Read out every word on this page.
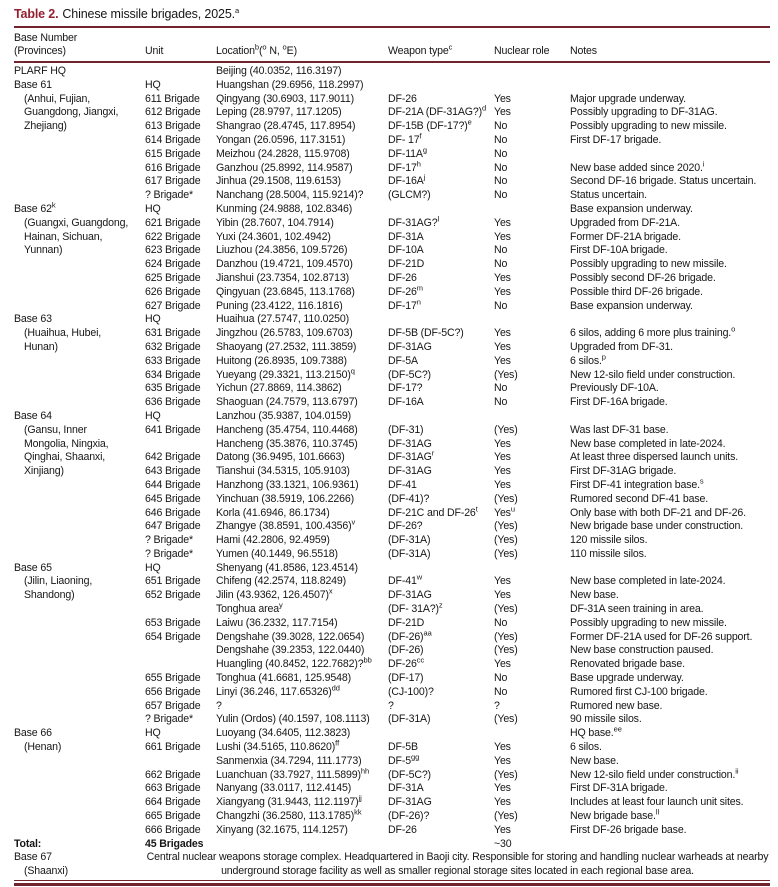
Table 2. Chinese missile brigades, 2025.$^a$
Base Number
(Provinces)	Unit	Location$^b$($^o$ N, $^o$E)	Weapon type$^c$	Nuclear role	Notes
PLARF HQ		Beijing (40.0352, 116.3197)			
Base 61	HQ	Huangshan (29.6956, 118.2997)			
(Anhui, Fujian,	611 Brigade	Qingyang (30.6903, 117.9011)	DF-26	Yes	Major upgrade underway.
Guangdong, Jiangxi,	612 Brigade	Leping (28.9797, 117.1205)	DF-21A (DF-31AG?)$^d$	Yes	Possibly upgrading to DF-31AG.
Zhejiang)	613 Brigade	Shangrao (28.4745, 117.8954)	DF-15B (DF-17?)$^e$	No	Possibly upgrading to new missile.
	614 Brigade	Yongan (26.0596, 117.3151)	DF- 17$^f$	No	First DF-17 brigade.
	615 Brigade	Meizhou (24.2828, 115.9708)	$DF-11A^g$	No	
	616 Brigade	Ganzhou (25.8992, 114.9587)	DF-17$^h$	No	New base added since 2020.$^i$
	617 Brigade	Jinhua (29.1508, 119.6153)	$DF-16A^j$	No	Second DF-16 brigade. Status uncertain.
	? Brigade*	Nanchang (28.5004, 115.9214)?	(GLCM?)	No	Status uncertain.
Base 62$^k$	HQ	Kunming (24.9888, 102.8346)			Base expansion underway.
(Guangxi, Guangdong,	621 Brigade	Yibin (28.7607, 104.7914)	DF-31AG?$^l$	Yes	Upgraded from DF-21A.
Hainan, Sichuan,	622 Brigade	Yuxi (24.3601, 102.4942)	DF-31A	Yes	Former DF-21A brigade.
Yunnan)	623 Brigade	Liuzhou (24.3856, 109.5726)	DF-10A	No	First DF-10A brigade.
	624 Brigade	Danzhou (19.4721, 109.4570)	DF-21D	No	Possibly upgrading to new missile.
	625 Brigade	Jianshui (23.7354, 102.8713)	DF-26	Yes	Possibly second DF-26 brigade.
	626 Brigade	Qingyuan (23.6845, 113.1768)	DF-26$^m$	Yes	Possible third DF-26 brigade.
	627 Brigade	Puning (23.4122, 116.1816)	DF-17$^n$	No	Base expansion underway.
Base 63	HQ	Huaihua (27.5747, 110.0250)			
(Huaihua, Hubei,	631 Brigade	Jingzhou (26.5783, 109.6703)	DF-5B (DF-5C?)	Yes	6 silos, adding 6 more plus training.$^o$
Hunan)	632 Brigade	Shaoyang (27.2532, 111.3859)	DF-31AG	Yes	Upgraded from DF-31.
	633 Brigade	Huitong (26.8935, 109.7388)	DF-5A	Yes	6 silos.$^p$
	634 Brigade	Yueyang (29.3321, 113.2150)$^q$	(DF-5C?)	(Yes)	New 12-silo field under construction.
	635 Brigade	Yichun (27.8869, 114.3862)	DF-17?	No	Previously DF-10A.
	636 Brigade	Shaoguan (24.7579, 113.6797)	DF-16A	No	First DF-16A brigade.
Base 64	HQ	Lanzhou (35.9387, 104.0159)			
(Gansu, Inner	641 Brigade	Hancheng (35.4754, 110.4468)	(DF-31)	(Yes)	Was last DF-31 base.
Mongolia, Ningxia,		Hancheng (35.3876, 110.3745)	DF-31AG	Yes	New base completed in late-2024.
Qinghai, Shaanxi,	642 Brigade	Datong (36.9495, 101.6663)	$DF-31AG^r$	Yes	At least three dispersed launch units.
Xinjiang)	643 Brigade	Tianshui (34.5315, 105.9103)	DF-31AG	Yes	First DF-31AG brigade.
	644 Brigade	Hanzhong (33.1321, 106.9361)	DF-41	Yes	First DF-41 integration base.$^s$
	645 Brigade	Yinchuan (38.5919, 106.2266)	(DF-41)?	(Yes)	Rumored second DF-41 base.
	646 Brigade	Korla (41.6946, 86.1734)	DF-21C and DF-26$^t$	Yes$^u$	Only base with both DF-21 and DF-26.
	647 Brigade	Zhangye (38.8591, 100.4356)$^v$	DF-26?	(Yes)	New brigade base under construction.
	? Brigade*	Hami (42.2806, 92.4959)	(DF-31A)	(Yes)	120 missile silos.
	? Brigade*	Yumen (40.1449, 96.5518)	(DF-31A)	(Yes)	110 missile silos.
Base 65	HQ	Shenyang (41.8586, 123.4514)			
(Jilin, Liaoning,	651 Brigade	Chifeng (42.2574, 118.8249)	DF-41$^w$	Yes	New base completed in late-2024.
Shandong)	652 Brigade	Jilin (43.9362, 126.4507)$^x$	DF-31AG	Yes	New base.
		Tonghua area$^y$	(DF- 31A?)$^z$	(Yes)	DF-31A seen training in area.
	653 Brigade	Laiwu (36.2332, 117.7154)	DF-21D	No	Possibly upgrading to new missile.
	654 Brigade	Dengshahe (39.3028, 122.0654)	$(DF-26)^{aa}$	(Yes)	Former DF-21A used for DF-26 support.
		Dengshahe (39.2353, 122.0440)	(DF-26)	(Yes)	New base construction paused.
		Huangling (40.8452, 122.7682)?$^{bb}$	$DF-26^{cc}$	Yes	Renovated brigade base.
	655 Brigade	Tonghua (41.6681, 125.9548)	(DF-17)	No	Base upgrade underway.
	656 Brigade	Linyi (36.246, 117.65326)$^{dd}$	(CJ-100)?	No	Rumored first CJ-100 brigade.
	657 Brigade	?	?	?	Rumored new base.
	? Brigade*	Yulin (Ordos) (40.1597, 108.1113)	(DF-31A)	(Yes)	90 missile silos.
Base 66	HQ	Luoyang (34.6405, 112.3823)			HQ base.$^{ee}$
(Henan)	661 Brigade	Lushi (34.5165, 110.8620)$^{ff}$	DF-5B	Yes	6 silos.
		Sanmenxia (34.7294, 111.1773)	$DF-5^{gg}$	Yes	New base.
	662 Brigade	Luanchuan (33.7927, 111.5899)$^{hh}$	(DF-5C?)	(Yes)	New 12-silo field under construction.$^{ii}$
	663 Brigade	Nanyang (33.0117, 112.4145)	DF-31A	Yes	First DF-31A brigade.
	664 Brigade	Xiangyang (31.9443, 112.1197)$^{jj}$	DF-31AG	Yes	Includes at least four launch unit sites.
	665 Brigade	Changzhi (36.2580, 113.1785)$^{kk}$	(DF-26)?	(Yes)	New brigade base.$^{ll}$
	666 Brigade	Xinyang (32.1675, 114.1257)	DF-26	Yes	First DF-26 brigade base.
Total:	45 Brigades			~30	

Base 67
(Shaanxi)	Central nuclear weapons storage complex. Headquartered in Baoji city. Responsible for storing and handling nuclear warheads at nearby underground storage facility as well as smaller regional storage sites located in each regional base area.				
